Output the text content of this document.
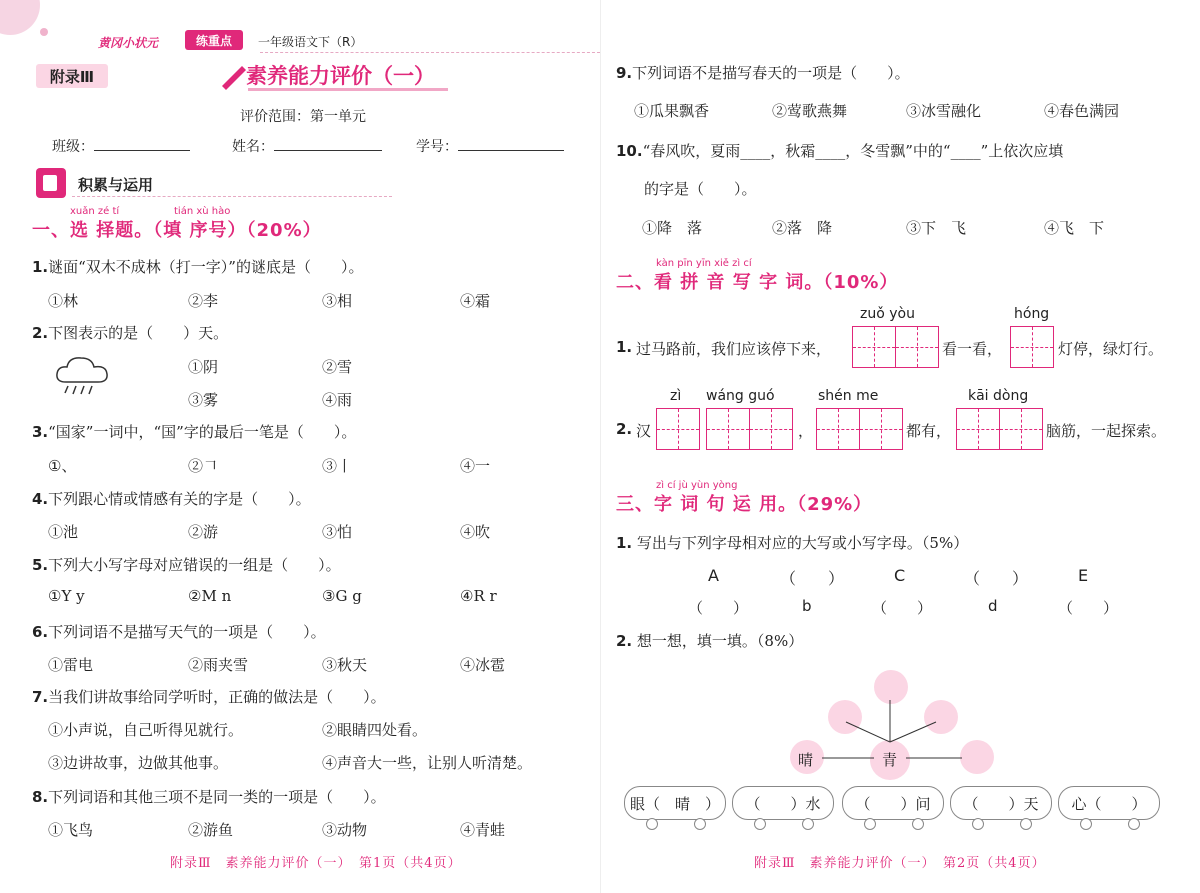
黄冈小状元	练重点	一年级语文下（R）
附录Ⅲ	素养能力评价（一）
评价范围：第一单元
班级：	姓名：	学号：
积累与运用
xuǎn zé tí	tián xù hào
一、选 择题。（填 序号）（20%）
1.谜面“双木不成林（打一字）”的谜底是（　　）。
①林	②李	③相	④霜
2.下图表示的是（　　）天。
①阴	②雪
③雾	④雨
3.“国家”一词中，“国”字的最后一笔是（　　）。
①、	②𠃍	③丨	④一
4.下列跟心情或情感有关的字是（　　）。
①池	②游	③怕	④吹
5.下列大小写字母对应错误的一组是（　　）。
①Y y	②M n	③G g	④R r
6.下列词语不是描写天气的一项是（　　）。
①雷电	②雨夹雪	③秋天	④冰雹
7.当我们讲故事给同学听时，正确的做法是（　　）。
①小声说，自己听得见就行。	②眼睛四处看。
③边讲故事，边做其他事。	④声音大一些，让别人听清楚。
8.下列词语和其他三项不是同一类的一项是（　　）。
①飞鸟	②游鱼	③动物	④青蛙
附录Ⅲ　素养能力评价（一）　第1页（共4页）
9.下列词语不是描写春天的一项是（　　）。
①瓜果飘香	②莺歌燕舞	③冰雪融化	④春色满园
10.“春风吹，夏雨____，秋霜____，冬雪飘”中的“____”上依次应填
的字是（　　）。
①降　落	②落　降	③下　飞	④飞　下
kàn pīn yīn xiě zì cí
二、看 拼 音 写 字 词。（10%）
zuǒ yòu	hóng
1. 过马路前，我们应该停下来，	看一看，	灯停，绿灯行。
zì wáng guó	shén me	kāi dòng
2. 汉	，	都有，	脑筋，一起探索。
zì cí jù yùn yòng
三、字 词 句 运 用。（29%）
1. 写出与下列字母相对应的大写或小写字母。（5%）
A	（　　）	C	（　　）	E
（　　）	b	（　　）	d	（　　）
2. 想一想，填一填。（8%）
晴	青
眼（　晴　）	（　　）水	（　　）问	（　　）天	心（　　）
附录Ⅲ　素养能力评价（一）　第2页（共4页）
